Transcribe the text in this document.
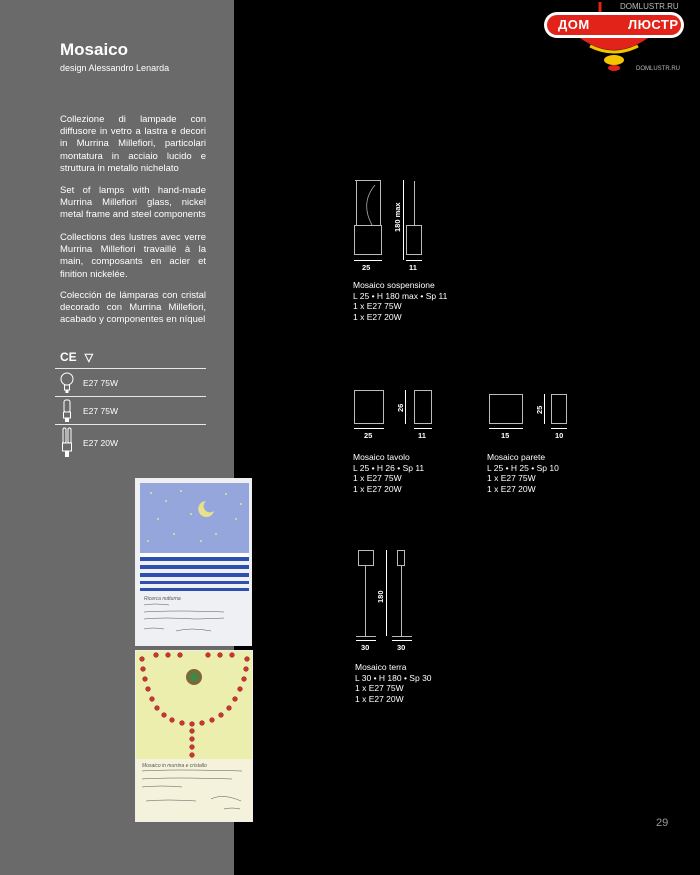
Mosaico
design Alessandro Lenarda
Collezione di lampade con diffusore in vetro a lastra e decori in Murrina Millefiori, particolari montatura in acciaio lucido e struttura in metallo nichelato
Set of lamps with hand-made Murrina Millefiori glass, nickel metal frame and steel components
Collections des lustres avec verre Murrina Millefiori travaillé à la main, composants en acier et finition nickelée.
Colección de lámparas con cristal decorado con Murrina Millefiori, acabado y componentes en níquel
CE ▽
E27 75W
E27 75W
E27 20W
Ricerca notturna
Mosaico in murrina e cristallo
ДОМ	ЛЮСТР
DOMLUSTR.RU
DOMLUSTR.RU
25
180 max
11
Mosaico sospensione
L 25 • H 180 max • Sp 11
1 x E27 75W
1 x E27 20W
25
26
11
Mosaico tavolo
L 25 • H 26 • Sp 11
1 x E27 75W
1 x E27 20W
15
25
10
Mosaico parete
L 25 • H 25 • Sp 10
1 x E27 75W
1 x E27 20W
30
180
30
Mosaico terra
L 30 • H 180 • Sp 30
1 x E27 75W
1 x E27 20W
29
